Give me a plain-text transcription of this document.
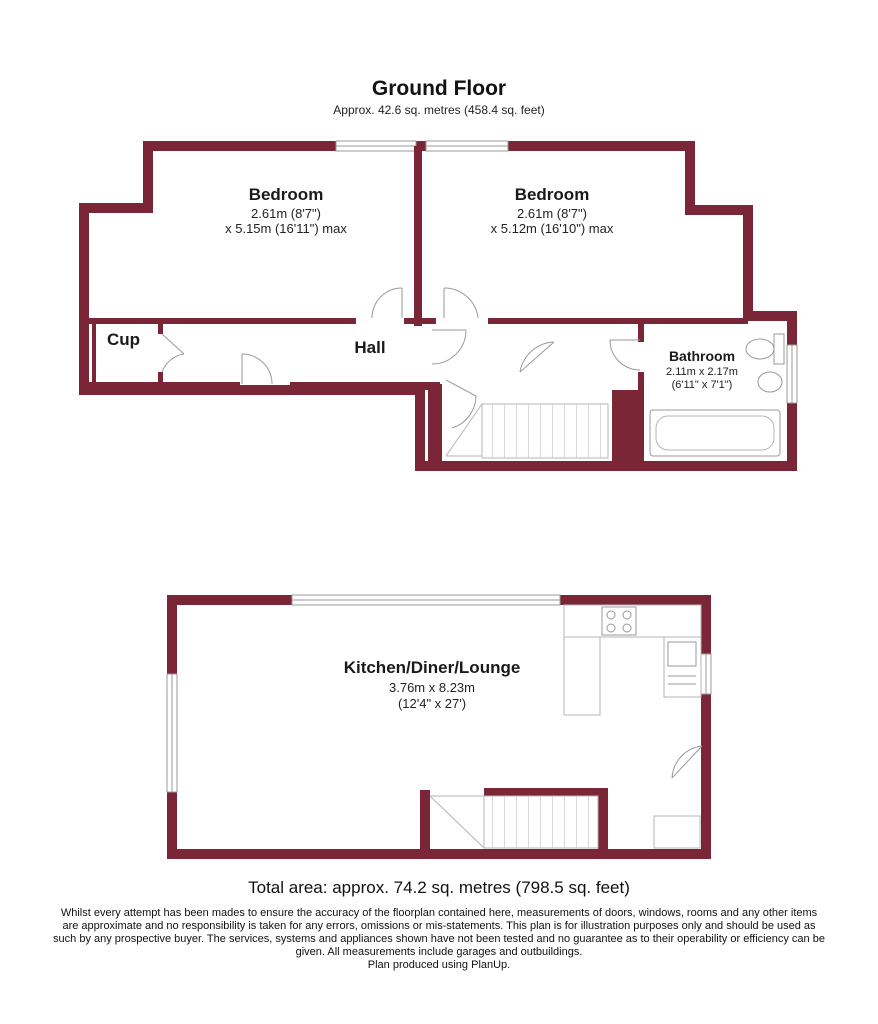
Ground Floor
Approx. 42.6 sq. metres (458.4 sq. feet)
Bedroom
2.61m (8'7")
x 5.15m (16'11") max
Bedroom
2.61m (8'7")
x 5.12m (16'10") max
Cup	Hall	Bathroom
2.11m x 2.17m
(6'11" x 7'1")
Kitchen/Diner/Lounge
3.76m x 8.23m
(12'4" x 27')
Total area: approx. 74.2 sq. metres (798.5 sq. feet)
Whilst every attempt has been mades to ensure the accuracy of the floorplan contained here, measurements of doors, windows, rooms and any other items
are approximate and no responsibility is taken for any errors, omissions or mis-statements. This plan is for illustration purposes only and should be used as
such by any prospective buyer. The services, systems and appliances shown have not been tested and no guarantee as to their operability or efficiency can be
given. All measurements include garages and outbuildings.
Plan produced using PlanUp.
